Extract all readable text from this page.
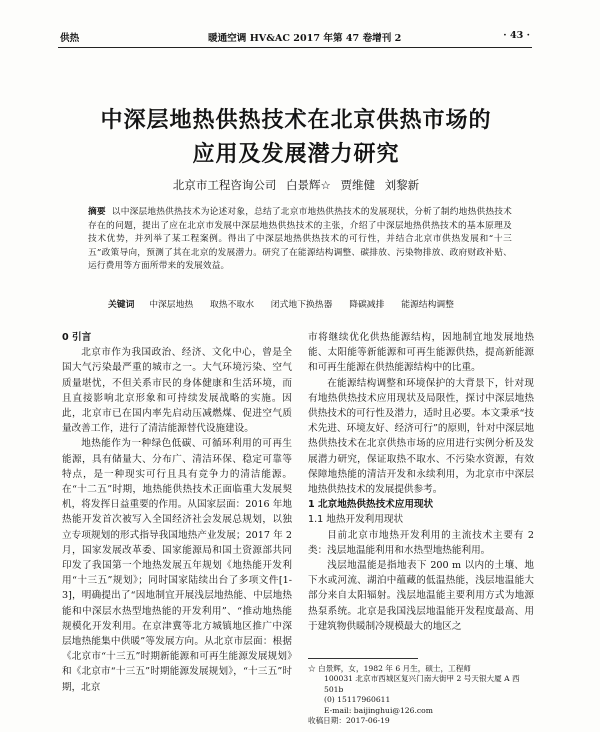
供热	暖通空调 HV&AC 2017 年第 47 卷增刊 2	· 43 ·
中深层地热供热技术在北京供热市场的
应用及发展潜力研究
北京市工程咨询公司 白景辉☆ 贾维健 刘黎新
摘要 以中深层地热供热技术为论述对象，总结了北京市地热供热技术的发展现状，分析了制约地热供热技术存在的问题，提出了应在北京市发展中深层地热供热技术的主张，介绍了中深层地热供热技术的基本原理及技术优势，并列举了某工程案例。得出了中深层地热供热技术的可行性，并结合北京市供热发展和“十三五”政策导向，预测了其在北京的发展潜力。研究了在能源结构调整、碳排放、污染物排放、政府财政补贴、运行费用等方面所带来的发展效益。
关键词 中深层地热 取热不取水 闭式地下换热器 降碳减排 能源结构调整
0 引言

北京市作为我国政治、经济、文化中心，曾是全国大气污染最严重的城市之一。大气环境污染、空气质量堪忧，不但关系市民的身体健康和生活环境，而且直接影响北京形象和可持续发展战略的实施。因此，北京市已在国内率先启动压减燃煤、促进空气质量改善工作，进行了清洁能源替代设施建设。

地热能作为一种绿色低碳、可循环利用的可再生能源，具有储量大、分布广、清洁环保、稳定可靠等特点，是一种现实可行且具有竞争力的清洁能源。在“十二五”时期，地热能供热技术正面临重大发展契机，将发挥日益重要的作用。从国家层面：2016 年地热能开发首次被写入全国经济社会发展总规划，以独立专项规划的形式指导我国地热产业发展；2017 年 2 月，国家发展改革委、国家能源局和国土资源部共同印发了我国第一个地热发展五年规划《地热能开发利用“十三五”规划》；同时国家陆续出台了多项文件[1-3]，明确提出了“因地制宜开展浅层地热能、中层地热能和中深层水热型地热能的开发利用”、“推动地热能规模化开发利用。在京津冀等北方城镇地区推广中深层地热能集中供暖”等发展方向。从北京市层面：根据《北京市“十三五”时期新能源和可再生能源发展规划》和《北京市“十三五”时期能源发展规划》，“十三五”时期，北京

市将继续优化供热能源结构，因地制宜地发展地热能、太阳能等新能源和可再生能源供热，提高新能源和可再生能源在供热能源结构中的比重。

在能源结构调整和环境保护的大背景下，针对现有地热供热技术应用现状及局限性，探讨中深层地热供热技术的可行性及潜力，适时且必要。本文秉承“技术先进、环境友好、经济可行”的原则，针对中深层地热供热技术在北京供热市场的应用进行实例分析及发展潜力研究，保证取热不取水、不污染水资源，有效保障地热能的清洁开发和永续利用，为北京市中深层地热供热技术的发展提供参考。

1 北京地热供热技术应用现状
1.1 地热开发利用现状

目前北京市地热开发利用的主流技术主要有 2 类：浅层地温能利用和水热型地热能利用。

浅层地温能是指地表下 200 m 以内的土壤、地下水或河流、湖泊中蕴藏的低温热能，浅层地温能大部分来自太阳辐射。浅层地温能主要利用方式为地源热泵系统。北京是我国浅层地温能开发程度最高、用于建筑物供暖制冷规模最大的地区之

☆ 白景辉，女，1982 年 6 月生，硕士，工程师
100031 北京市西城区复兴门南大街甲 2 号天银大厦 A 西 501b
(0) 15117960611
E-mail: baijinghui@126.com
收稿日期：2017-06-19
